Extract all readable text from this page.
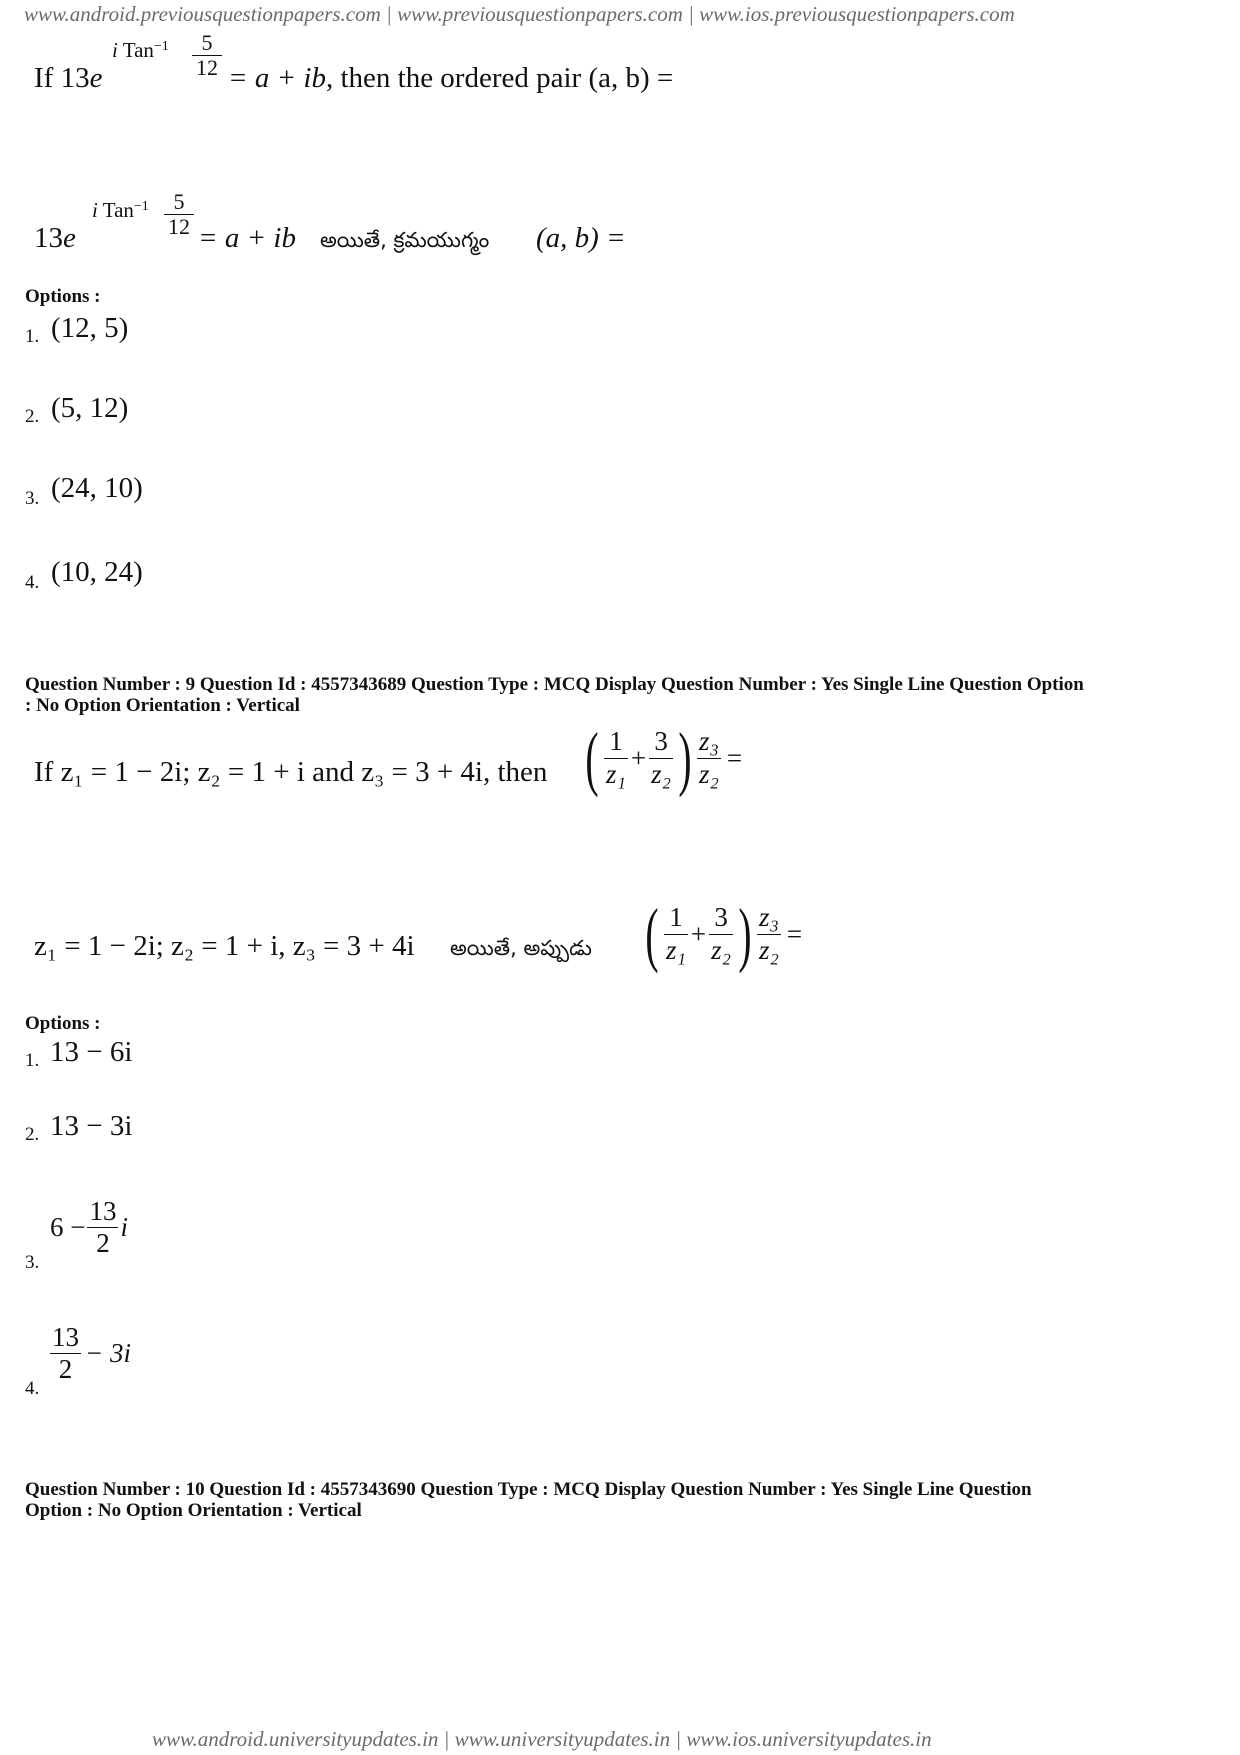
www.android.previousquestionpapers.com | www.previousquestionpapers.com | www.ios.previousquestionpapers.com
If 13e
i Tan$^{-1}$	5
12 = a + ib, then the ordered pair (a, b) =
13e
i Tan$^{-1}$	5
12 = a + ib అయితే, క్రమయుగ్మం (a, b) =
Options :
1. (12, 5)
2. (5, 12)
3. (24, 10)
4. (10, 24)
Question Number : 9 Question Id : 4557343689 Question Type : MCQ Display Question Number : Yes Single Line Question Option
: No Option Orientation : Vertical
If z₁ = 1 − 2i; z₂ = 1 + i and z₃ = 3 + 4i, then ( $\frac{1}{\text{z₁}} + \frac{3}{\text{z₂}}$ ) $\frac{\text{z₃}}{\text{z₂}}$ =
z₁ = 1 − 2i; z₂ = 1 + i, z₃ = 3 + 4i అయితే, అప్పుడు ( $\frac{1}{\text{z₁}} + \frac{3}{\text{z₂}}$ ) $\frac{\text{z₃}}{\text{z₂}}$ =
Options :
1. 13 − 6i
2. 13 − 3i
3.
$6 - \frac{13}{2}$ i
4.
$\frac{13}{2} - 3i$
Question Number : 10 Question Id : 4557343690 Question Type : MCQ Display Question Number : Yes Single Line Question
Option : No Option Orientation : Vertical
www.android.universityupdates.in | www.universityupdates.in | www.ios.universityupdates.in
